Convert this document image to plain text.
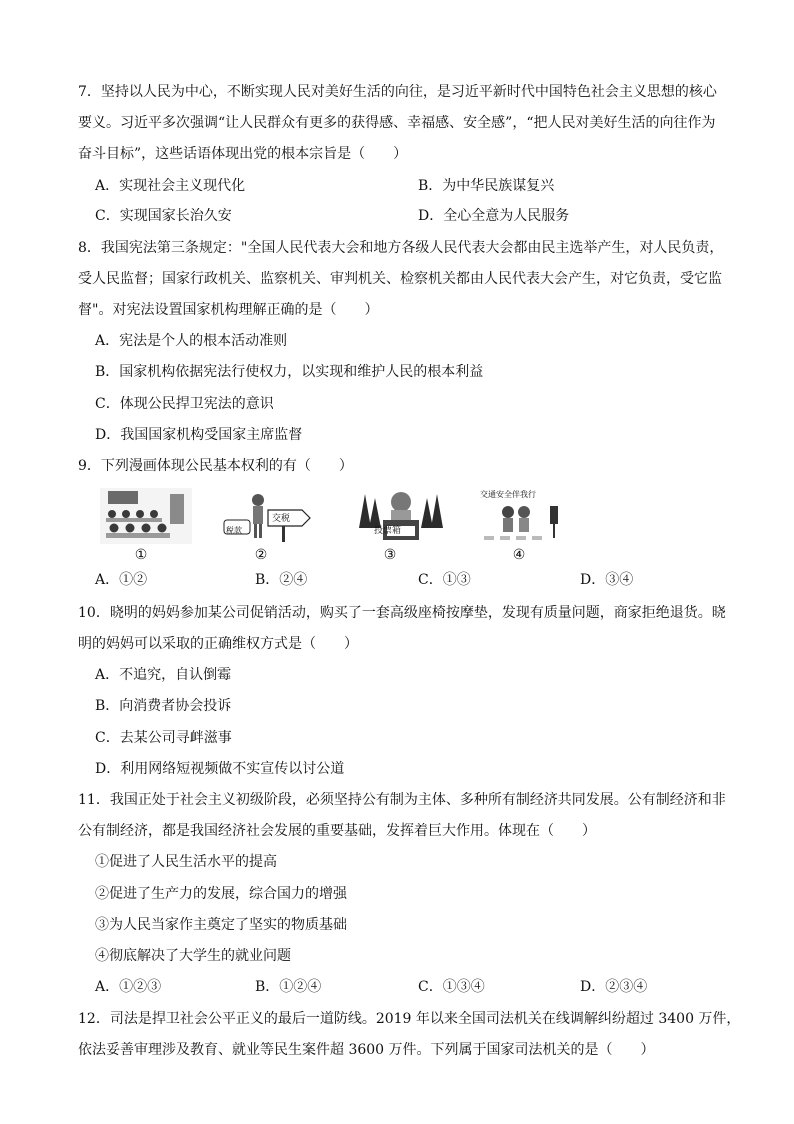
7．坚持以人民为中心，不断实现人民对美好生活的向往，是习近平新时代中国特色社会主义思想的核心
要义。习近平多次强调“让人民群众有更多的获得感、幸福感、安全感”，“把人民对美好生活的向往作为
奋斗目标”，这些话语体现出党的根本宗旨是（　　）
A．实现社会主义现代化	B．为中华民族谋复兴
C．实现国家长治久安	D．全心全意为人民服务
8．我国宪法第三条规定："全国人民代表大会和地方各级人民代表大会都由民主选举产生，对人民负责，
受人民监督；国家行政机关、监察机关、审判机关、检察机关都由人民代表大会产生，对它负责，受它监
督"。对宪法设置国家机构理解正确的是（　　）
A．宪法是个人的根本活动准则
B．国家机构依据宪法行使权力，以实现和维护人民的根本利益
C．体现公民捍卫宪法的意识
D．我国国家机构受国家主席监督
9．下列漫画体现公民基本权利的有（　　）
交税
税款	投票箱
交通安全伴我行
①	②	③	④
A．①②	B．②④	C．①③	D．③④
10．晓明的妈妈参加某公司促销活动，购买了一套高级座椅按摩垫，发现有质量问题，商家拒绝退货。晓
明的妈妈可以采取的正确维权方式是（　　）
A．不追究，自认倒霉
B．向消费者协会投诉
C．去某公司寻衅滋事
D．利用网络短视频做不实宣传以讨公道
11．我国正处于社会主义初级阶段，必须坚持公有制为主体、多种所有制经济共同发展。公有制经济和非
公有制经济，都是我国经济社会发展的重要基础，发挥着巨大作用。体现在（　　）
①促进了人民生活水平的提高
②促进了生产力的发展，综合国力的增强
③为人民当家作主奠定了坚实的物质基础
④彻底解决了大学生的就业问题
A．①②③	B．①②④	C．①③④	D．②③④
12．司法是捍卫社会公平正义的最后一道防线。2019 年以来全国司法机关在线调解纠纷超过 3400 万件，
依法妥善审理涉及教育、就业等民生案件超 3600 万件。下列属于国家司法机关的是（　　）
